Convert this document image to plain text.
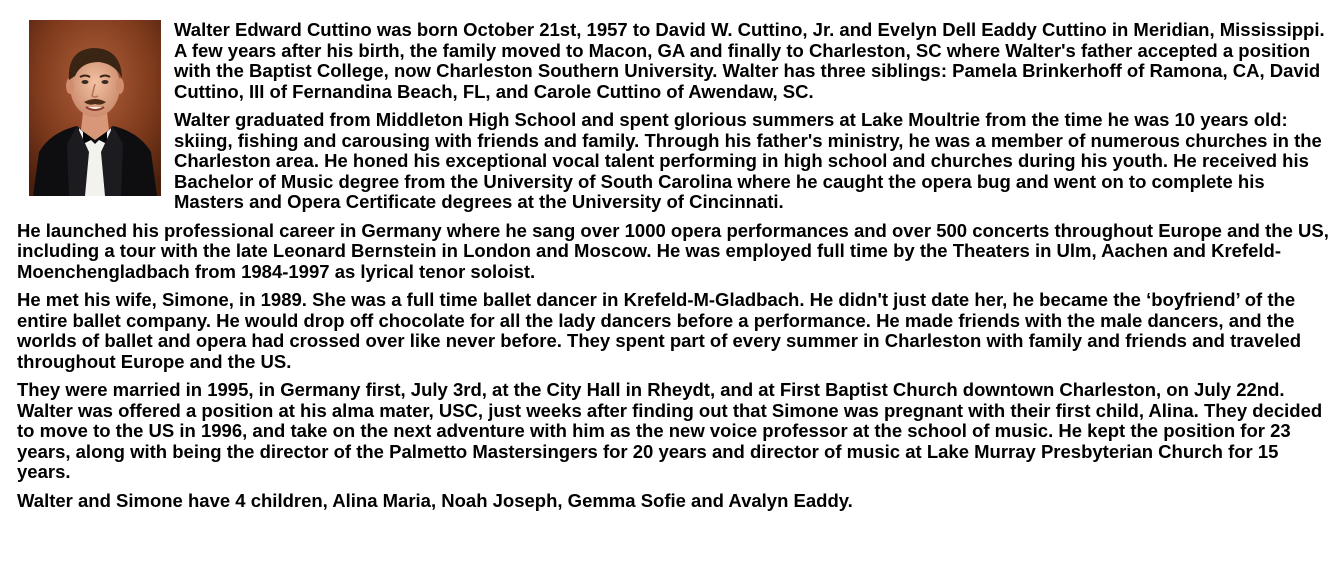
Walter Edward Cuttino was born October 21st, 1957 to David W. Cuttino, Jr. and Evelyn Dell Eaddy Cuttino in Meridian, Mississippi. A few years after his birth, the family moved to Macon, GA and finally to Charleston, SC where Walter's father accepted a position with the Baptist College, now Charleston Southern University. Walter has three siblings: Pamela Brinkerhoff of Ramona, CA, David Cuttino, III of Fernandina Beach, FL, and Carole Cuttino of Awendaw, SC.

Walter graduated from Middleton High School and spent glorious summers at Lake Moultrie from the time he was 10 years old: skiing, fishing and carousing with friends and family. Through his father's ministry, he was a member of numerous churches in the Charleston area. He honed his exceptional vocal talent performing in high school and churches during his youth. He received his Bachelor of Music degree from the University of South Carolina where he caught the opera bug and went on to complete his Masters and Opera Certificate degrees at the University of Cincinnati.

He launched his professional career in Germany where he sang over 1000 opera performances and over 500 concerts throughout Europe and the US, including a tour with the late Leonard Bernstein in London and Moscow. He was employed full time by the Theaters in Ulm, Aachen and Krefeld-Moenchengladbach from 1984-1997 as lyrical tenor soloist.

He met his wife, Simone, in 1989. She was a full time ballet dancer in Krefeld-M-Gladbach. He didn't just date her, he became the ‘boyfriend’ of the entire ballet company. He would drop off chocolate for all the lady dancers before a performance. He made friends with the male dancers, and the worlds of ballet and opera had crossed over like never before. They spent part of every summer in Charleston with family and friends and traveled throughout Europe and the US.

They were married in 1995, in Germany first, July 3rd, at the City Hall in Rheydt, and at First Baptist Church downtown Charleston, on July 22nd. Walter was offered a position at his alma mater, USC, just weeks after finding out that Simone was pregnant with their first child, Alina. They decided to move to the US in 1996, and take on the next adventure with him as the new voice professor at the school of music. He kept the position for 23 years, along with being the director of the Palmetto Mastersingers for 20 years and director of music at Lake Murray Presbyterian Church for 15 years.

Walter and Simone have 4 children, Alina Maria, Noah Joseph, Gemma Sofie and Avalyn Eaddy.
